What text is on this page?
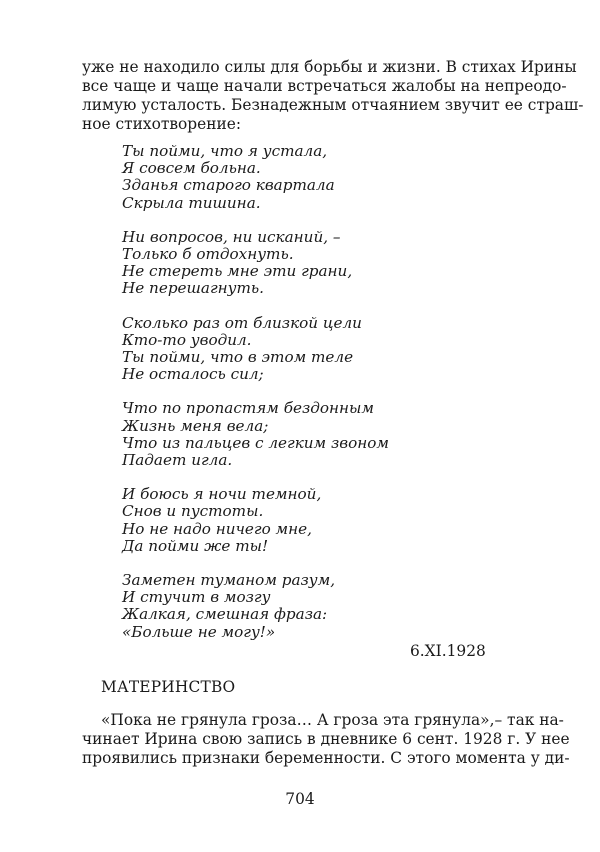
уже не находило силы для борьбы и жизни. В стихах Ирины
все чаще и чаще начали встречаться жалобы на непреодо-
лимую усталость. Безнадежным отчаянием звучит ее страш-
ное стихотворение:
Ты пойми, что я устала,
Я совсем больна.
Зданья старого квартала
Скрыла тишина.
Ни вопросов, ни исканий, –
Только б отдохнуть.
Не стереть мне эти грани,
Не перешагнуть.
Сколько раз от близкой цели
Кто-то уводил.
Ты пойми, что в этом теле
Не осталось сил;
Что по пропастям бездонным
Жизнь меня вела;
Что из пальцев с легким звоном
Падает игла.
И боюсь я ночи темной,
Снов и пустоты.
Но не надо ничего мне,
Да пойми же ты!
Заметен туманом разум,
И стучит в мозгу
Жалкая, смешная фраза:
«Больше не могу!»

6.XI.1928

МАТЕРИНСТВО

«Пока не грянула гроза… А гроза эта грянула»,– так на-
чинает Ирина свою запись в дневнике 6 сент. 1928 г. У нее
проявились признаки беременности. С этого момента у ди-

704
